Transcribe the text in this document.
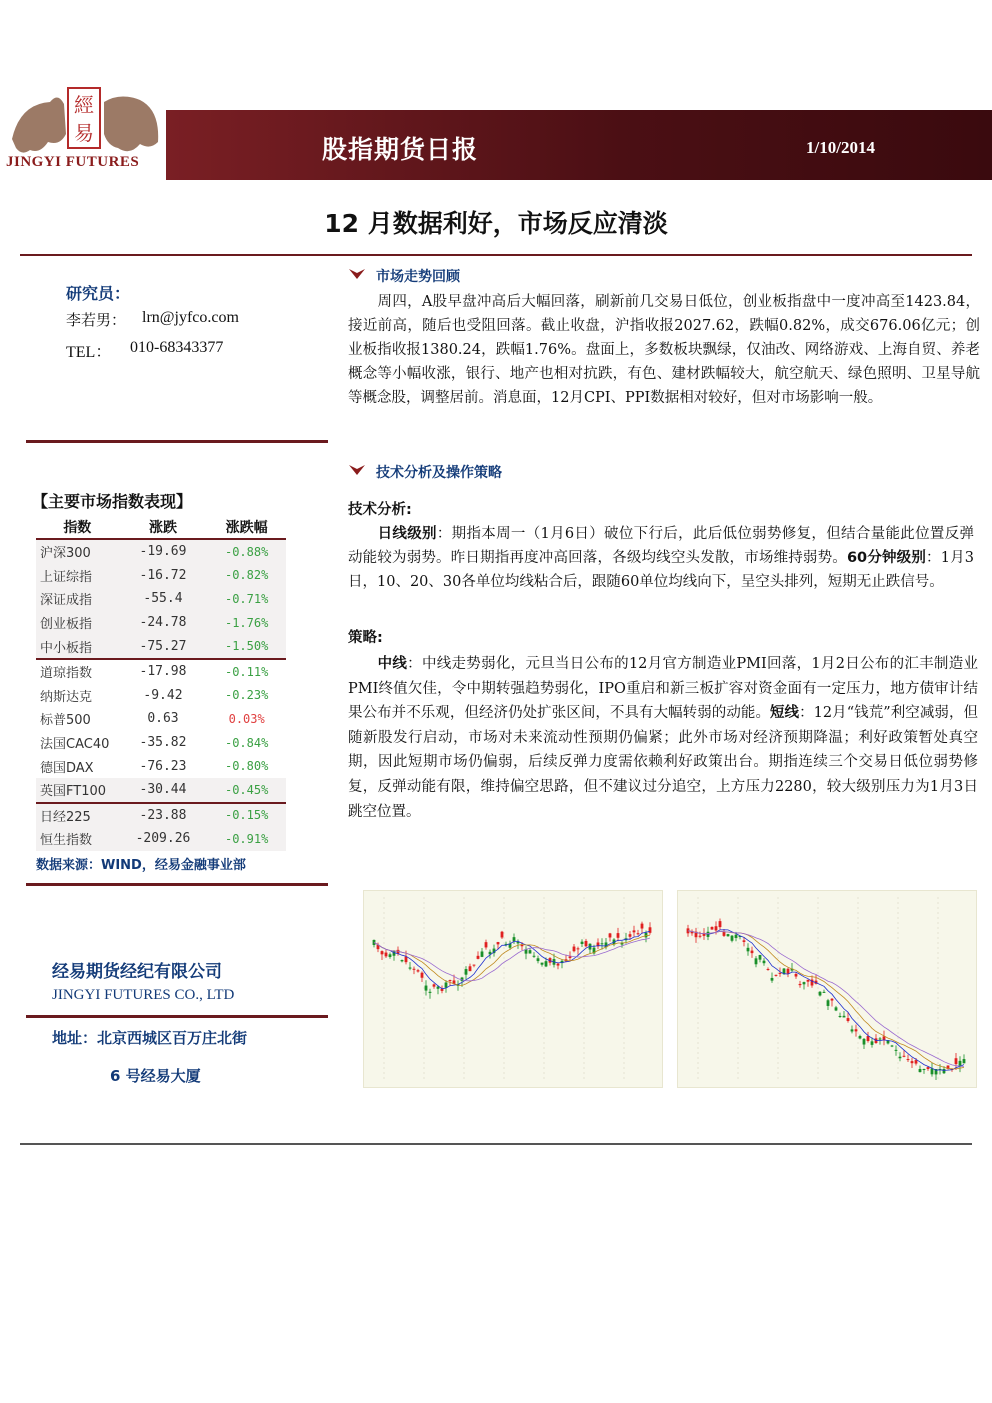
經
易
JINGYI FUTURES	股指期货日报	1/10/2014
12 月数据利好，市场反应清淡
研究员：
李若男： lrn@jyfco.com
TEL： 010-68343377
【主要市场指数表现】
指数	涨跌	涨跌幅
沪深300	-19.69	-0.88%
上证综指	-16.72	-0.82%
深证成指	-55.4	-0.71%
创业板指	-24.78	-1.76%
中小板指	-75.27	-1.50%
道琼指数	-17.98	-0.11%
纳斯达克	-9.42	-0.23%
标普500	0.63	0.03%
法国CAC40	-35.82	-0.84%
德国DAX	-76.23	-0.80%
英国FT100	-30.44	-0.45%
日经225	-23.88	-0.15%
恒生指数	-209.26	-0.91%
数据来源：WIND，经易金融事业部
经易期货经纪有限公司
JINGYI FUTURES CO., LTD
地址：北京西城区百万庄北街
6 号经易大厦
市场走势回顾
　　周四，A股早盘冲高后大幅回落，刷新前几交易日低位，创业板指盘中一度冲高至1423.84，接近前高，随后也受阻回落。截止收盘，沪指收报2027.62，跌幅0.82%，成交676.06亿元；创业板指收报1380.24，跌幅1.76%。盘面上，多数板块飘绿，仅油改、网络游戏、上海自贸、养老概念等小幅收涨，银行、地产也相对抗跌，有色、建材跌幅较大，航空航天、绿色照明、卫星导航等概念股，调整居前。消息面，12月CPI、PPI数据相对较好，但对市场影响一般。
技术分析及操作策略
技术分析:
　　日线级别：期指本周一（1月6日）破位下行后，此后低位弱势修复，但结合量能此位置反弹动能较为弱势。昨日期指再度冲高回落，各级均线空头发散，市场维持弱势。60分钟级别：1月3日，10、20、30各单位均线粘合后，跟随60单位均线向下，呈空头排列，短期无止跌信号。
策略:
　　中线：中线走势弱化，元旦当日公布的12月官方制造业PMI回落，1月2日公布的汇丰制造业PMI终值欠佳，令中期转强趋势弱化，IPO重启和新三板扩容对资金面有一定压力，地方债审计结果公布并不乐观，但经济仍处扩张区间，不具有大幅转弱的动能。短线：12月“钱荒”利空减弱，但随新股发行启动，市场对未来流动性预期仍偏紧；此外市场对经济预期降温；利好政策暂处真空期，因此短期市场仍偏弱，后续反弹力度需依赖利好政策出台。期指连续三个交易日低位弱势修复，反弹动能有限，维持偏空思路，但不建议过分追空，上方压力2280，较大级别压力为1月3日跳空位置。
